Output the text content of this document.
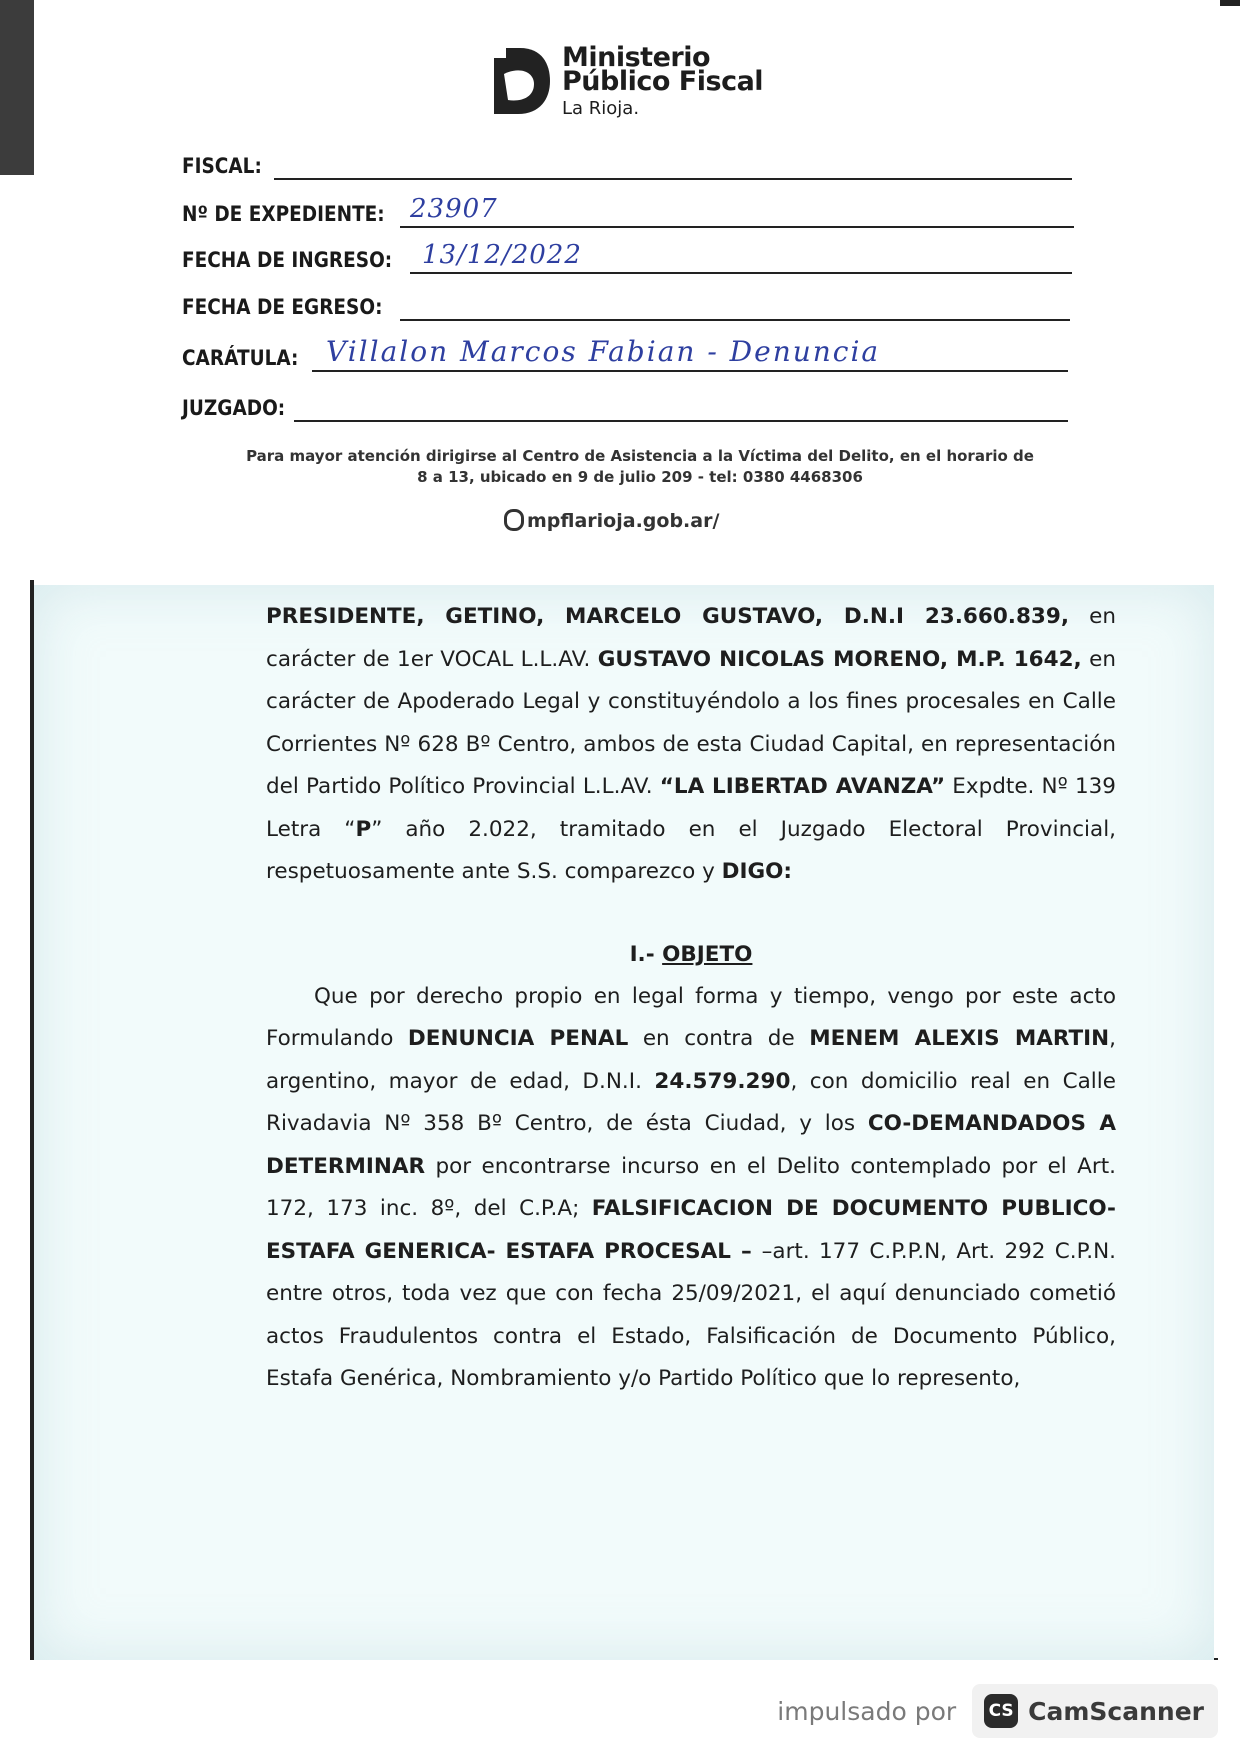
Ministerio
Público Fiscal
La Rioja.
FISCAL:
Nº DE EXPEDIENTE: 23907
FECHA DE INGRESO: 13/12/2022
FECHA DE EGRESO:
CARÁTULA: Villalon Marcos Fabian - Denuncia
JUZGADO:
Para mayor atención dirigirse al Centro de Asistencia a la Víctima del Delito, en el horario de
8 a 13, ubicado en 9 de julio 209 - tel: 0380 4468306
mpflarioja.gob.ar/

PRESIDENTE, GETINO, MARCELO GUSTAVO, D.N.I 23.660.839, en carácter de 1er VOCAL L.L.AV. GUSTAVO NICOLAS MORENO, M.P. 1642, en carácter de Apoderado Legal y constituyéndolo a los fines procesales en Calle Corrientes Nº 628 Bº Centro, ambos de esta Ciudad Capital, en representación del Partido Político Provincial L.L.AV. “LA LIBERTAD AVANZA” Expdte. Nº 139 Letra “P” año 2.022, tramitado en el Juzgado Electoral Provincial, respetuosamente ante S.S. comparezco y DIGO:

I.- OBJETO

Que por derecho propio en legal forma y tiempo, vengo por este acto Formulando DENUNCIA PENAL en contra de MENEM ALEXIS MARTIN, argentino, mayor de edad, D.N.I. 24.579.290, con domicilio real en Calle Rivadavia Nº 358 Bº Centro, de ésta Ciudad, y los CO-DEMANDADOS A DETERMINAR por encontrarse incurso en el Delito contemplado por el Art. 172, 173 inc. 8º, del C.P.A; FALSIFICACION DE DOCUMENTO PUBLICO- ESTAFA GENERICA- ESTAFA PROCESAL – –art. 177 C.P.P.N, Art. 292 C.P.N. entre otros, toda vez que con fecha 25/09/2021, el aquí denunciado cometió actos Fraudulentos contra el Estado, Falsificación de Documento Público, Estafa Genérica, Nombramiento y/o Partido Político que lo represento,

impulsado por CS CamScanner
